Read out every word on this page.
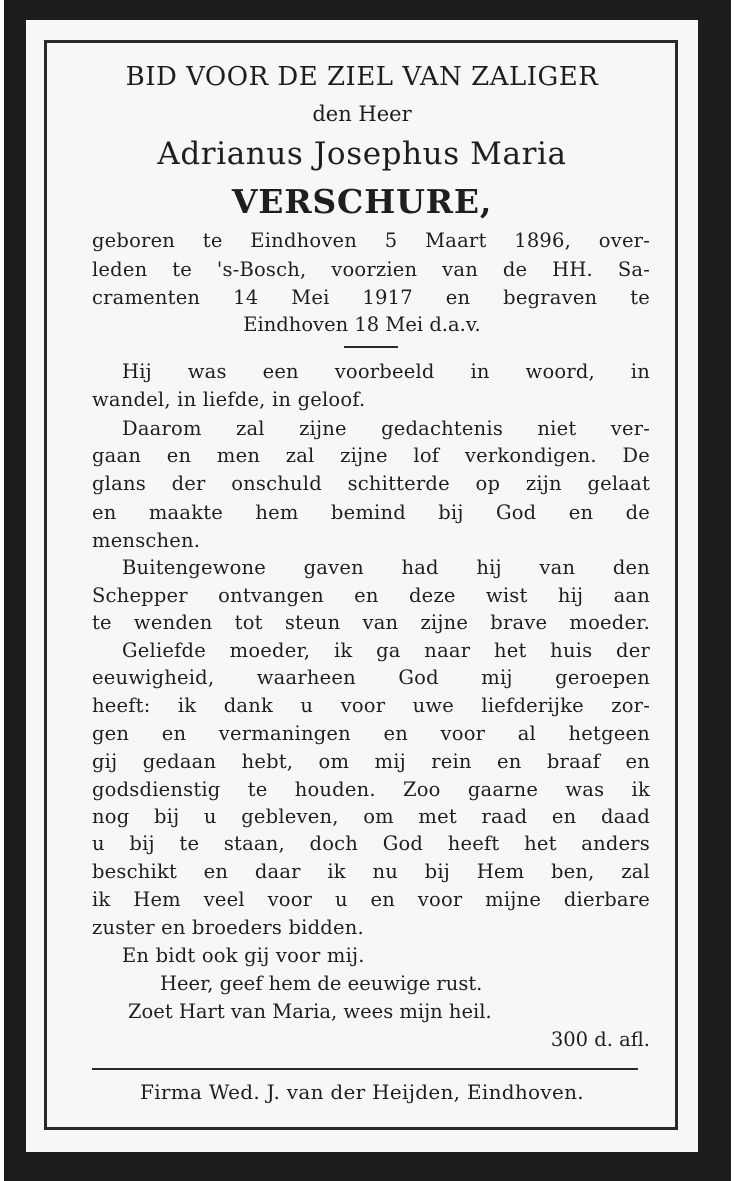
BID VOOR DE ZIEL VAN ZALIGER
den Heer
Adrianus Josephus Maria
VERSCHURE,
geboren te Eindhoven 5 Maart 1896, over-
leden te 's-Bosch, voorzien van de HH. Sa-
cramenten 14 Mei 1917 en begraven te
Eindhoven 18 Mei d.a.v.
Hij was een voorbeeld in woord, in
wandel, in liefde, in geloof.
Daarom zal zijne gedachtenis niet ver-
gaan en men zal zijne lof verkondigen. De
glans der onschuld schitterde op zijn gelaat
en maakte hem bemind bij God en de
menschen.
Buitengewone gaven had hij van den
Schepper ontvangen en deze wist hij aan
te wenden tot steun van zijne brave moeder.
Geliefde moeder, ik ga naar het huis der
eeuwigheid, waarheen God mij geroepen
heeft: ik dank u voor uwe liefderijke zor-
gen en vermaningen en voor al hetgeen
gij gedaan hebt, om mij rein en braaf en
godsdienstig te houden. Zoo gaarne was ik
nog bij u gebleven, om met raad en daad
u bij te staan, doch God heeft het anders
beschikt en daar ik nu bij Hem ben, zal
ik Hem veel voor u en voor mijne dierbare
zuster en broeders bidden.
En bidt ook gij voor mij.
Heer, geef hem de eeuwige rust.
Zoet Hart van Maria, wees mijn heil.
300 d. afl.
Firma Wed. J. van der Heijden, Eindhoven.
